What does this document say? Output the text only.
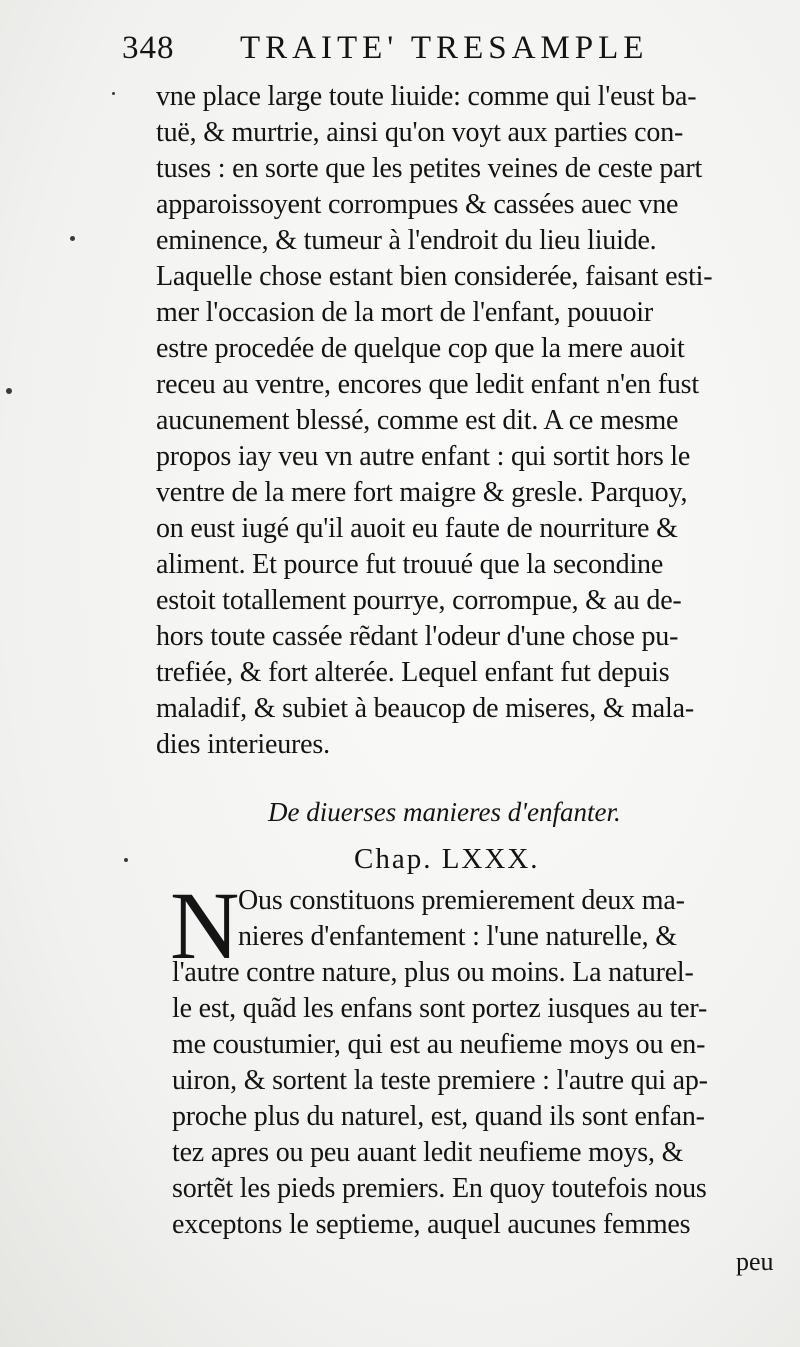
348 TRAITE' TRESAMPLE
vne place large toute liuide: comme qui l'eust ba-
tuë, & murtrie, ainsi qu'on voyt aux parties con-
tuses : en sorte que les petites veines de ceste part
apparoissoyent corrompues & cassées auec vne
eminence, & tumeur à l'endroit du lieu liuide.
Laquelle chose estant bien considerée, faisant esti-
mer l'occasion de la mort de l'enfant, pouuoir
estre procedée de quelque cop que la mere auoit
receu au ventre, encores que ledit enfant n'en fust
aucunement blessé, comme est dit. A ce mesme
propos iay veu vn autre enfant : qui sortit hors le
ventre de la mere fort maigre & gresle. Parquoy,
on eust iugé qu'il auoit eu faute de nourriture &
aliment. Et pource fut trouué que la secondine
estoit totallement pourrye, corrompue, & au de-
hors toute cassée rẽdant l'odeur d'une chose pu-
trefiée, & fort alterée. Lequel enfant fut depuis
maladif, & subiet à beaucop de miseres, & mala-
dies interieures.
De diuerses manieres d'enfanter.
Chap. LXXX.
N
Ous constituons premierement deux ma-
nieres d'enfantement : l'une naturelle, &
l'autre contre nature, plus ou moins. La naturel-
le est, quãd les enfans sont portez iusques au ter-
me coustumier, qui est au neufieme moys ou en-
uiron, & sortent la teste premiere : l'autre qui ap-
proche plus du naturel, est, quand ils sont enfan-
tez apres ou peu auant ledit neufieme moys, &
sortẽt les pieds premiers. En quoy toutefois nous
exceptons le septieme, auquel aucunes femmes
peu
